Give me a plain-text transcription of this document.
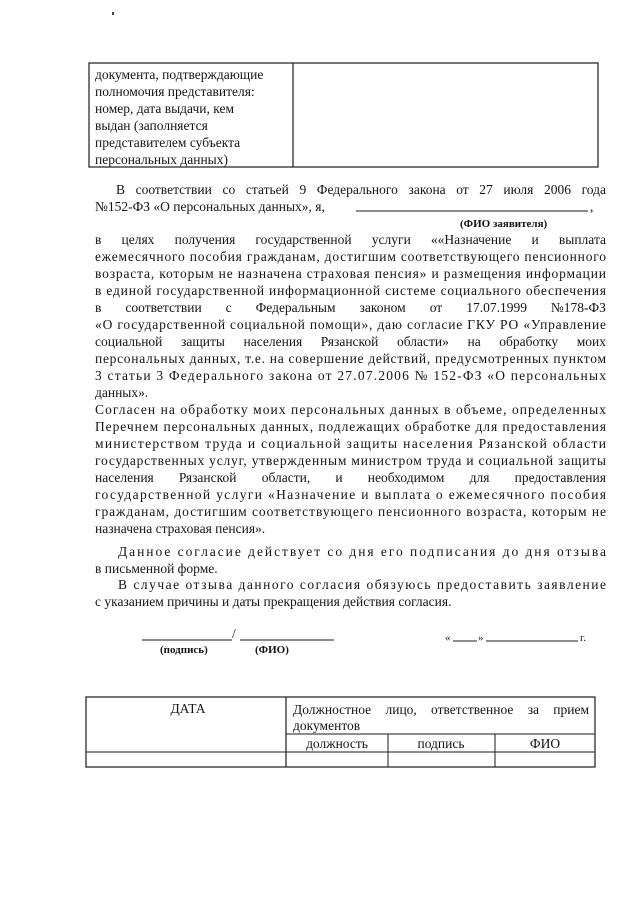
документа, подтверждающие
полномочия представителя:
номер, дата выдачи, кем
выдан (заполняется
представителем субъекта
персональных данных)
В соответствии со статьей 9 Федерального закона от 27 июля 2006 года
№152-ФЗ «О персональных данных», я,	,
(ФИО заявителя)
в целях получения государственной услуги ««Назначение и выплата
ежемесячного пособия гражданам, достигшим соответствующего пенсионного
возраста, которым не назначена страховая пенсия» и размещения информации
в единой государственной информационной системе социального обеспечения
в соответствии с Федеральным законом от 17.07.1999 №178-ФЗ
«О государственной социальной помощи», даю согласие ГКУ РО «Управление
социальной защиты населения Рязанской области» на обработку моих
персональных данных, т.е. на совершение действий, предусмотренных пунктом
3 статьи 3 Федерального закона от 27.07.2006 № 152-ФЗ «О персональных
данных».
Согласен на обработку моих персональных данных в объеме, определенных
Перечнем персональных данных, подлежащих обработке для предоставления
министерством труда и социальной защиты населения Рязанской области
государственных услуг, утвержденным министром труда и социальной защиты
населения Рязанской области, и необходимом для предоставления
государственной услуги «Назначение и выплата о ежемесячного пособия
гражданам, достигшим соответствующего пенсионного возраста, которым не
назначена страховая пенсия».
Данное согласие действует со дня его подписания до дня отзыва
в письменной форме.
В случае отзыва данного согласия обязуюсь предоставить заявление
с указанием причины и даты прекращения действия согласия.
/
(подпись)	(ФИО)
«	»	г.
ДАТА	Должностное лицо, ответственное за прием
документов
должность	подпись	ФИО
